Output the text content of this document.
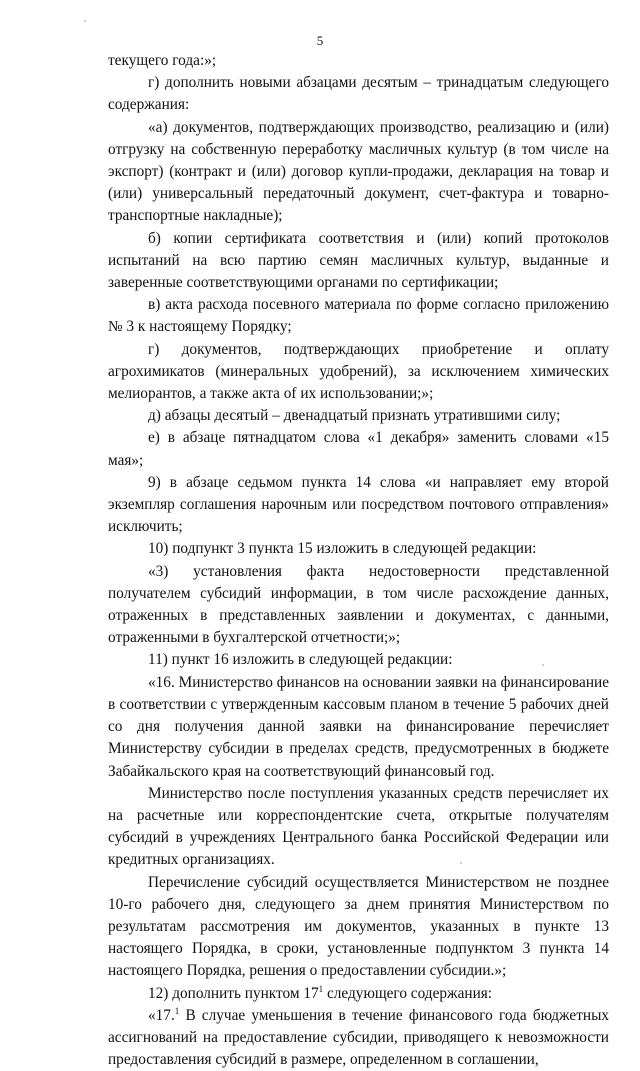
5

текущего года:»;

г) дополнить новыми абзацами десятым – тринадцатым следующего содержания:

«а) документов, подтверждающих производство, реализацию и (или) отгрузку на собственную переработку масличных культур (в том числе на экспорт) (контракт и (или) договор купли-продажи, декларация на товар и (или) универсальный передаточный документ, счет-фактура и товарно-транспортные накладные);

б) копии сертификата соответствия и (или) копий протоколов испытаний на всю партию семян масличных культур, выданные и заверенные соответствующими органами по сертификации;

в) акта расхода посевного материала по форме согласно приложению № 3 к настоящему Порядку;

г) документов, подтверждающих приобретение и оплату агрохимикатов (минеральных удобрений), за исключением химических мелиорантов, а также акта of их использовании;»;

д) абзацы десятый – двенадцатый признать утратившими силу;

е) в абзаце пятнадцатом слова «1 декабря» заменить словами «15 мая»;

9) в абзаце седьмом пункта 14 слова «и направляет ему второй экземпляр соглашения нарочным или посредством почтового отправления» исключить;

10) подпункт 3 пункта 15 изложить в следующей редакции:

«3) установления факта недостоверности представленной получателем субсидий информации, в том числе расхождение данных, отраженных в представленных заявлении и документах, с данными, отраженными в бухгалтерской отчетности;»;

11) пункт 16 изложить в следующей редакции:

«16. Министерство финансов на основании заявки на финансирование в соответствии с утвержденным кассовым планом в течение 5 рабочих дней со дня получения данной заявки на финансирование перечисляет Министерству субсидии в пределах средств, предусмотренных в бюджете Забайкальского края на соответствующий финансовый год.

Министерство после поступления указанных средств перечисляет их на расчетные или корреспондентские счета, открытые получателям субсидий в учреждениях Центрального банка Российской Федерации или кредитных организациях.

Перечисление субсидий осуществляется Министерством не позднее 10-го рабочего дня, следующего за днем принятия Министерством по результатам рассмотрения им документов, указанных в пункте 13 настоящего Порядка, в сроки, установленные подпунктом 3 пункта 14 настоящего Порядка, решения о предоставлении субсидии.»;

12) дополнить пунктом $17^1$ следующего содержания:

«17.$^1$ В случае уменьшения в течение финансового года бюджетных ассигнований на предоставление субсидии, приводящего к невозможности предоставления субсидий в размере, определенном в соглашении,
